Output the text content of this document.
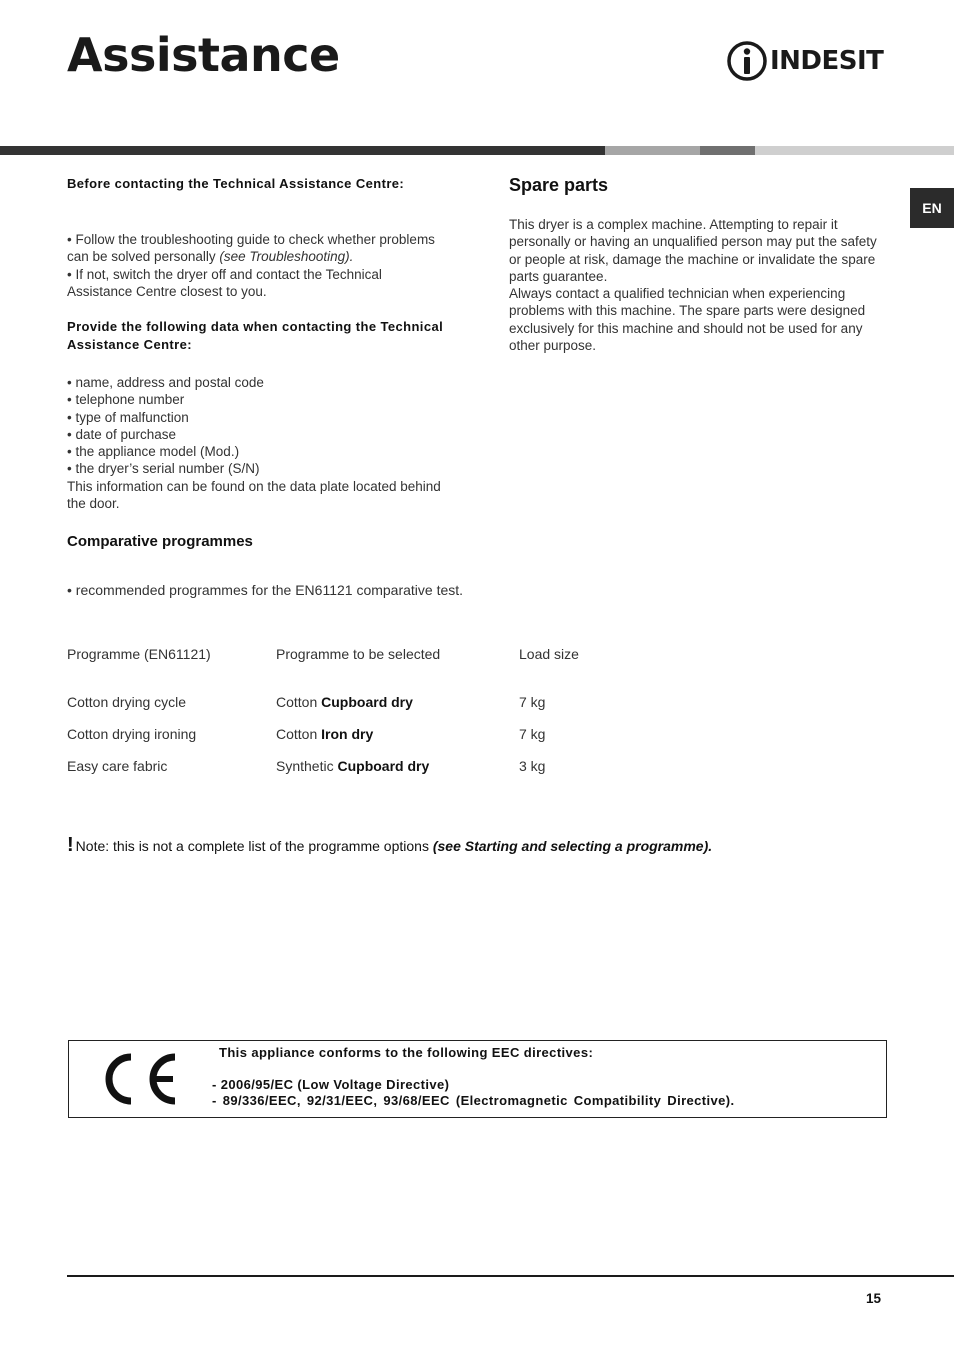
Assistance	INDESIT
EN
Before contacting the Technical Assistance Centre:
• Follow the troubleshooting guide to check whether problems can be solved personally (see Troubleshooting).
• If not, switch the dryer off and contact the Technical Assistance Centre closest to you.
Provide the following data when contacting the Technical Assistance Centre:
• name, address and postal code
• telephone number
• type of malfunction
• date of purchase
• the appliance model (Mod.)
• the dryer’s serial number (S/N)
This information can be found on the data plate located behind the door.
Spare parts
This dryer is a complex machine. Attempting to repair it personally or having an unqualified person may put the safety or people at risk, damage the machine or invalidate the spare parts guarantee.
Always contact a qualified technician when experiencing problems with this machine. The spare parts were designed exclusively for this machine and should not be used for any other purpose.
Comparative programmes
• recommended programmes for the EN61121 comparative test.
Programme (EN61121)	Programme to be selected	Load size
Cotton drying cycle	Cotton Cupboard dry	7 kg
Cotton drying ironing	Cotton Iron dry	7 kg
Easy care fabric	Synthetic Cupboard dry	3 kg
! Note: this is not a complete list of the programme options (see Starting and selecting a programme).
This appliance conforms to the following EEC directives:
- 2006/95/EC (Low Voltage Directive)
- 89/336/EEC, 92/31/EEC, 93/68/EEC (Electromagnetic Compatibility Directive).
15
